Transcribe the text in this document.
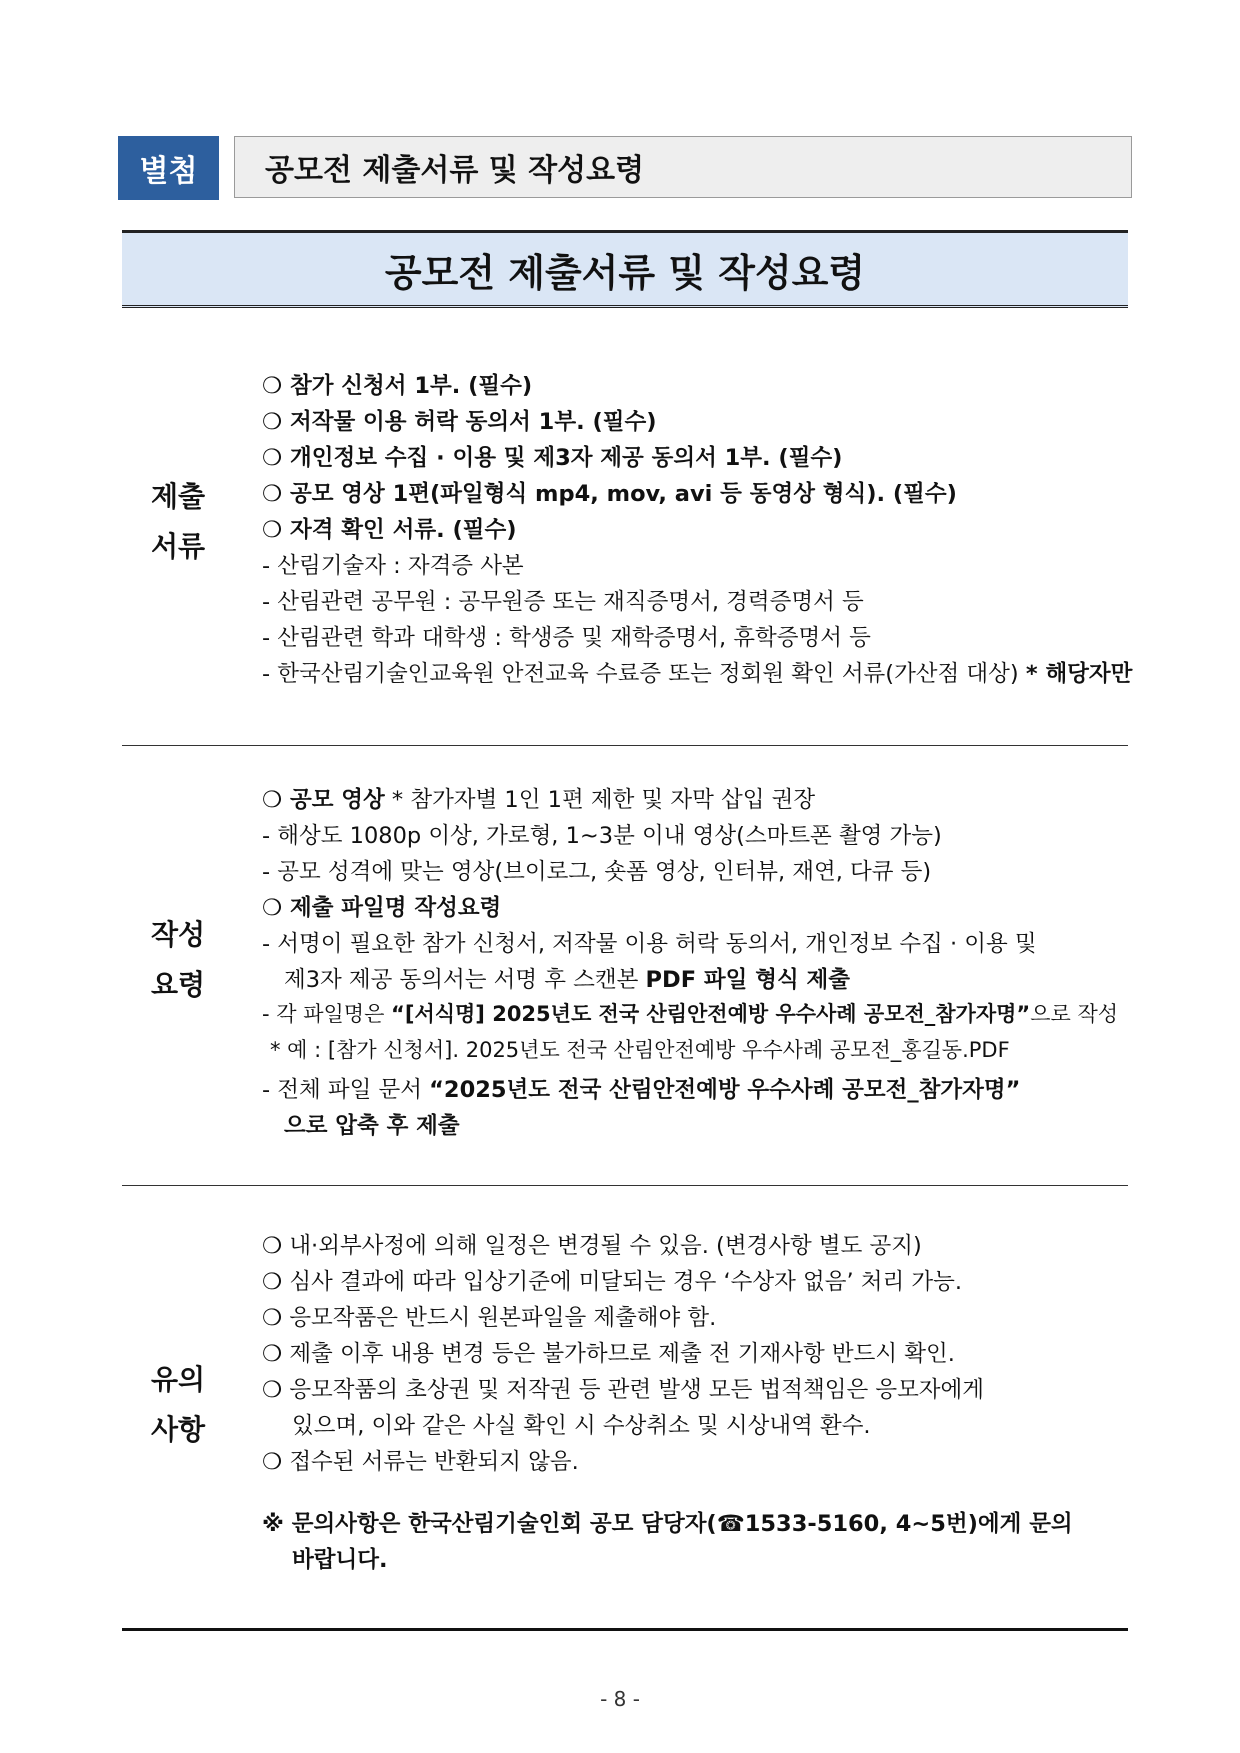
별첨	공모전 제출서류 및 작성요령
공모전 제출서류 및 작성요령
제출
서류
❍ 참가 신청서 1부. (필수)
❍ 저작물 이용 허락 동의서 1부. (필수)
❍ 개인정보 수집 · 이용 및 제3자 제공 동의서 1부. (필수)
❍ 공모 영상 1편(파일형식 mp4, mov, avi 등 동영상 형식). (필수)
❍ 자격 확인 서류. (필수)
- 산림기술자 : 자격증 사본
- 산림관련 공무원 : 공무원증 또는 재직증명서, 경력증명서 등
- 산림관련 학과 대학생 : 학생증 및 재학증명서, 휴학증명서 등
- 한국산림기술인교육원 안전교육 수료증 또는 정회원 확인 서류(가산점 대상) * 해당자만
작성
요령
❍ 공모 영상 * 참가자별 1인 1편 제한 및 자막 삽입 권장
- 해상도 1080p 이상, 가로형, 1~3분 이내 영상(스마트폰 촬영 가능)
- 공모 성격에 맞는 영상(브이로그, 숏폼 영상, 인터뷰, 재연, 다큐 등)
❍ 제출 파일명 작성요령
- 서명이 필요한 참가 신청서, 저작물 이용 허락 동의서, 개인정보 수집 · 이용 및
제3자 제공 동의서는 서명 후 스캔본 PDF 파일 형식 제출
- 각 파일명은 “[서식명] 2025년도 전국 산림안전예방 우수사례 공모전_참가자명”으로 작성
* 예 : [참가 신청서]. 2025년도 전국 산림안전예방 우수사례 공모전_홍길동.PDF
- 전체 파일 문서 “2025년도 전국 산림안전예방 우수사례 공모전_참가자명”
으로 압축 후 제출
유의
사항
❍ 내·외부사정에 의해 일정은 변경될 수 있음. (변경사항 별도 공지)
❍ 심사 결과에 따라 입상기준에 미달되는 경우 ‘수상자 없음’ 처리 가능.
❍ 응모작품은 반드시 원본파일을 제출해야 함.
❍ 제출 이후 내용 변경 등은 불가하므로 제출 전 기재사항 반드시 확인.
❍ 응모작품의 초상권 및 저작권 등 관련 발생 모든 법적책임은 응모자에게
있으며, 이와 같은 사실 확인 시 수상취소 및 시상내역 환수.
❍ 접수된 서류는 반환되지 않음.
※ 문의사항은 한국산림기술인회 공모 담당자(☎1533-5160, 4~5번)에게 문의
바랍니다.
- 8 -
